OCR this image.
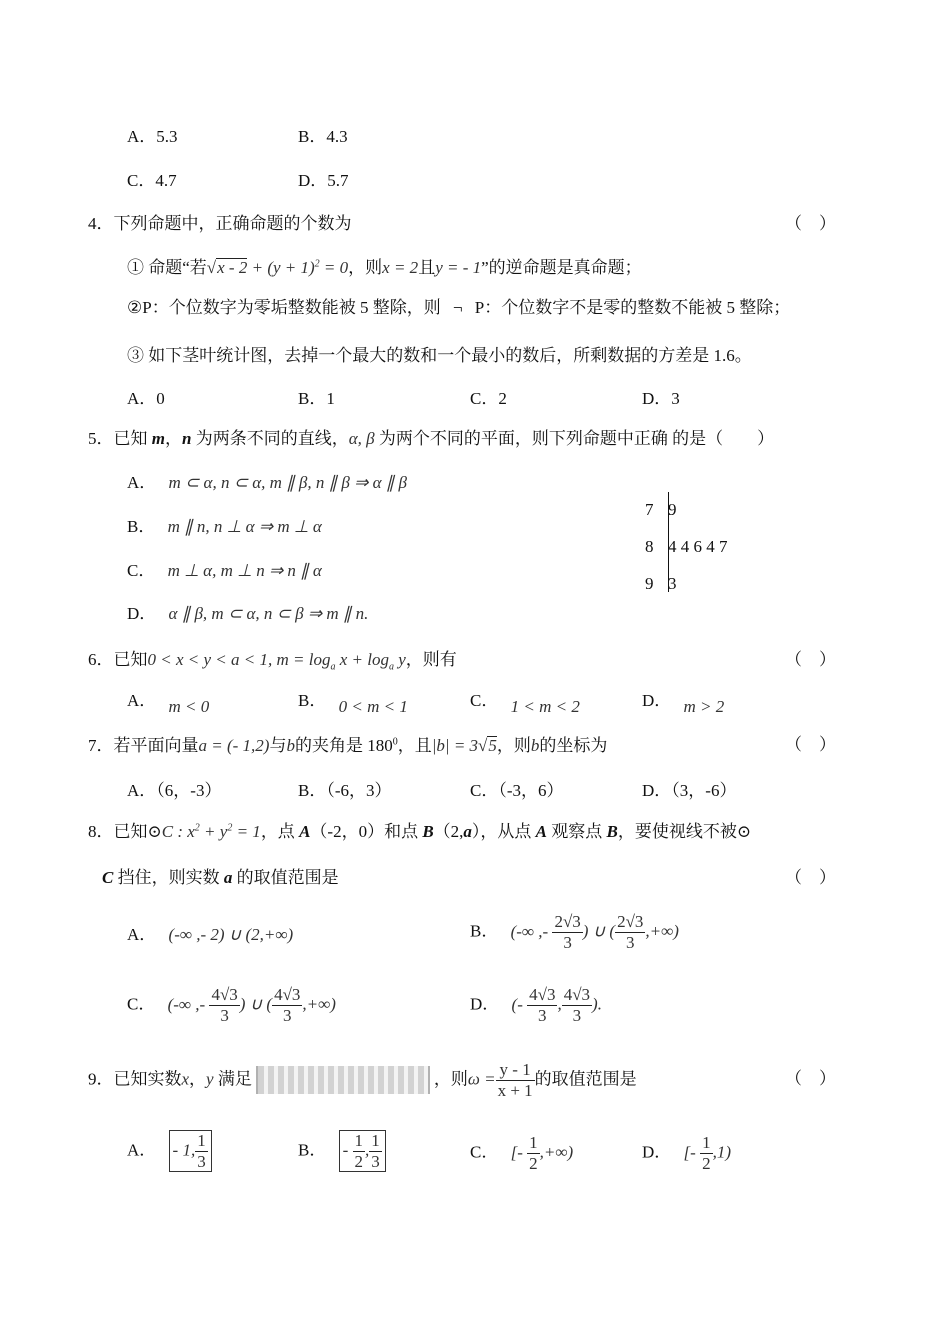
A．5.3	B．4.3
C．4.7	D．5.7
4．下列命题中，正确命题的个数为	（　）
① 命题“若$√x - 2 + (y + 1)^2 = 0$，则x = 2且y = - 1”的逆命题是真命题；
②P：个位数字为零垢整数能被 5 整除，则 ¬ P：个位数字不是零的整数不能被 5 整除；
③ 如下茎叶统计图，去掉一个最大的数和一个最小的数后，所剩数据的方差是 1.6。
A．0	B．1	C．2	D．3
5．已知 m，n 为两条不同的直线，α, β 为两个不同的平面，则下列命题中正确 的是（　　）
A． m ⊂ α, n ⊂ α, m ∥ β, n ∥ β ⇒ α ∥ β
B． m ∥ n, n ⊥ α ⇒ m ⊥ α
C． m ⊥ α, m ⊥ n ⇒ n ∥ α
D． α ∥ β, m ⊂ α, n ⊂ β ⇒ m ∥ n.
7 9
8 4 4 6 4 7
9 3
6．已知0 < x < y < a < 1, $m = \log_a x + \log_a y$，则有	（　）
A． m < 0	B． 0 < m < 1	C． 1 < m < 2	D． m > 2
7．若平面向量a = (- 1,2)与b的夹角是 $180^0$，且|b| = 3√5，则b的坐标为	（　）
A．（6，-3）	B．（-6，3）	C．（-3，6）	D．（3，-6）
8．已知⊙C : $x^2 + y^2 = 1$，点 A（-2，0）和点 B（2,a），从点 A 观察点 B，要使视线不被⊙
C 挡住，则实数 a 的取值范围是	（　）
A． (-∞ ,- 2) ∪ (2,+∞)	B． (-∞ ,- $\frac{2√3}{3}$ ) ∪ ( $\frac{2√3}{3}$ ,+∞)
C． (-∞ ,- $\frac{4√3}{3}$ ) ∪ ( $\frac{4√3}{3}$ ,+∞)	D． (- $\frac{4√3}{3}$ , $\frac{4√3}{3}$ ).
9．已知实数x，y 满足	，则$\omega = \frac{y - 1}{x + 1}$ 的取值范围是	（　）
A． - 1, $\frac{1}{3}$	B． - $\frac{1}{2}$ , $\frac{1}{3}$	C． [- $\frac{1}{2}$ ,+∞)	D． [- $\frac{1}{2} ,1$)
